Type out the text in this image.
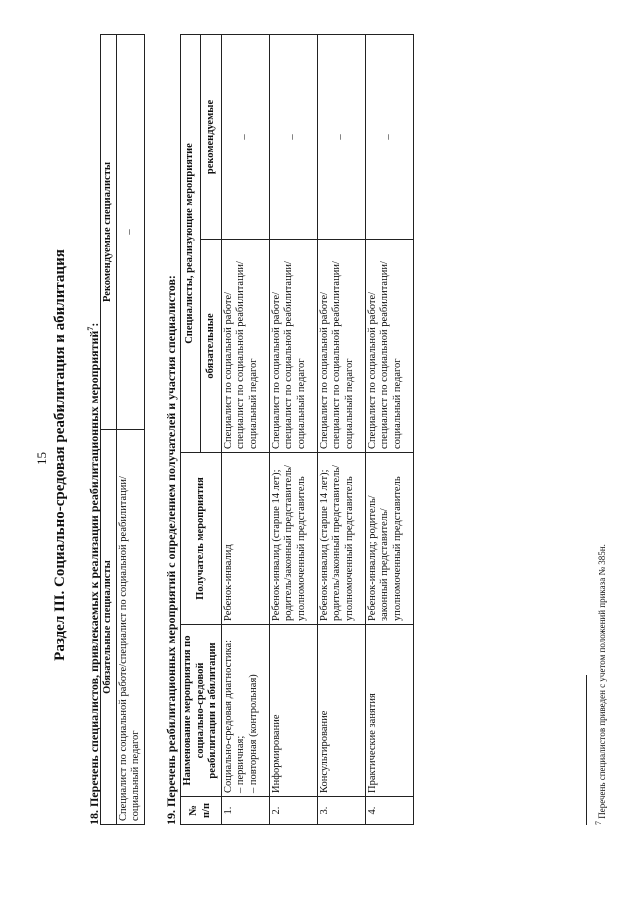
15 Раздел III. Социально-средовая реабилитация и абилитация 18. Перечень специалистов, привлекаемых к реализации реабилитационных мероприятий$^7$:
Обязательные специалисты	Рекомендуемые специалисты
Специалист по социальной работе/специалист по социальной реабилитации/социальный педагог	–
19. Перечень реабилитационных мероприятий с определением получателей и участия специалистов: № п/п	Наименование мероприятия по социально-средовой реабилитации и абилитации	Получатель мероприятия	Специалисты, реализующие мероприятие	
			обязательные	рекомендуемые
1.	Социально-средовая диагностика: – первичная; – повторная (контрольная)	Ребенок-инвалид	Специалист по социальной работе/специалист по социальной реабилитации/социальный педагог	–
2.	Информирование	Ребенок-инвалид (старше 14 лет); родитель/законный представитель/уполномоченный представитель	Специалист по социальной работе/специалист по социальной реабилитации/социальный педагог	–
3.	Консультирование	Ребенок-инвалид (старше 14 лет); родитель/законный представитель/уполномоченный представитель	Специалист по социальной работе/специалист по социальной реабилитации/социальный педагог	–
4.	Практические занятия	Ребенок-инвалид; родитель/законный представитель/уполномоченный представитель	Специалист по социальной работе/специалист по социальной реабилитации/социальный педагог	–
$^7$ Перечень специалистов приведен с учетом положений приказа № 385н.
